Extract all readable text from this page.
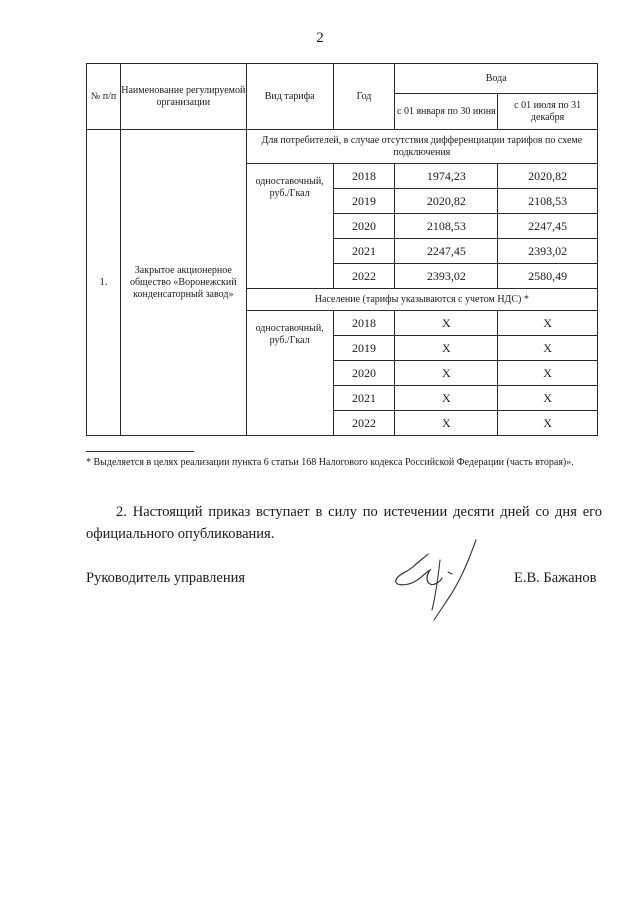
2
№ п/п	Наименование регулируемой организации	Вид тарифа	Год	Вода	
				с 01 января по 30 июня	с 01 июля по 31 декабря
1.	Закрытое акционерное общество «Воронежский конденсаторный завод»	Для потребителей, в случае отсутствия дифференциации тарифов по схеме подключения			
		одноставочный, руб./Гкал	2018	1974,23	2020,82
			2019	2020,82	2108,53
			2020	2108,53	2247,45
			2021	2247,45	2393,02
			2022	2393,02	2580,49
		Население (тарифы указываются с учетом НДС) *			
		одноставочный, руб./Гкал	2018	Х	Х
			2019	Х	Х
			2020	Х	Х
			2021	Х	Х
			2022	Х	Х
* Выделяется в целях реализации пункта 6 статьи 168 Налогового кодекса Российской Федерации (часть вторая)».
2. Настоящий приказ вступает в силу по истечении десяти дней со дня его официального опубликования.
Руководитель управления	Е.В. Бажанов
